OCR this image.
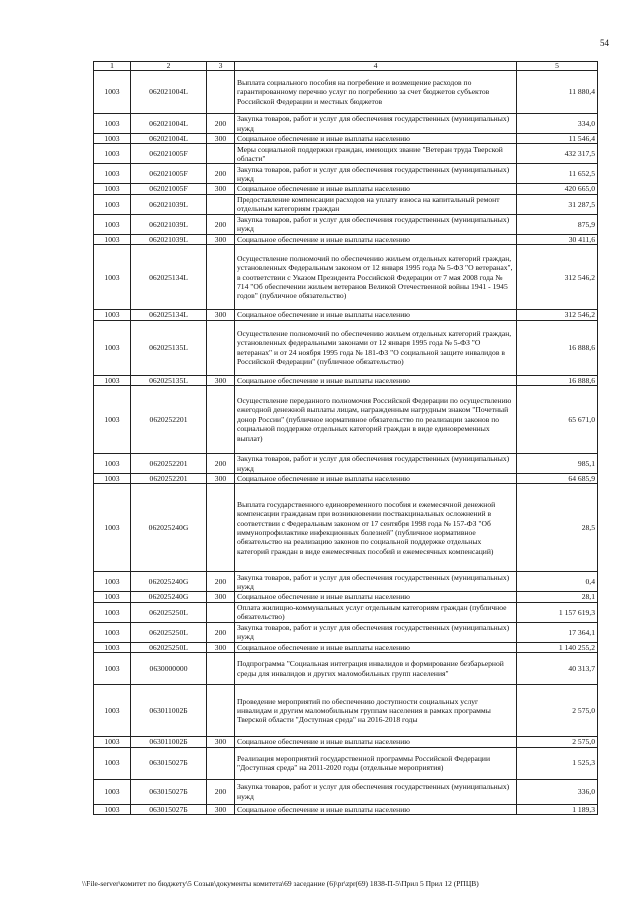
54
1	2	3	4	5
1003	062021004L		Выплата социального пособия на погребение и возмещение расходов по гарантированному перечню услуг по погребению за счет бюджетов субъектов Российской Федерации и местных бюджетов	11 880,4
1003	062021004L	200	Закупка товаров, работ и услуг для обеспечения государственных (муниципальных) нужд	334,0
1003	062021004L	300	Социальное обеспечение и иные выплаты населению	11 546,4
1003	062021005F		Меры социальной поддержки граждан, имеющих звание "Ветеран труда Тверской области"	432 317,5
1003	062021005F	200	Закупка товаров, работ и услуг для обеспечения государственных (муниципальных) нужд	11 652,5
1003	062021005F	300	Социальное обеспечение и иные выплаты населению	420 665,0
1003	062021039L		Предоставление компенсации расходов на уплату взноса на капитальный ремонт отдельным категориям граждан	31 287,5
1003	062021039L	200	Закупка товаров, работ и услуг для обеспечения государственных (муниципальных) нужд	875,9
1003	062021039L	300	Социальное обеспечение и иные выплаты населению	30 411,6
1003	062025134L		Осуществление полномочий по обеспечению жильем отдельных категорий граждан, установленных Федеральным законом от 12 января 1995 года № 5-ФЗ "О ветеранах", в соответствии с Указом Президента Российской Федерации от 7 мая 2008 года № 714 "Об обеспечении жильем ветеранов Великой Отечественной войны 1941 - 1945 годов" (публичное обязательство)	312 546,2
1003	062025134L	300	Социальное обеспечение и иные выплаты населению	312 546,2
1003	062025135L		Осуществление полномочий по обеспечению жильем отдельных категорий граждан, установленных федеральными законами от 12 января 1995 года № 5-ФЗ "О ветеранах" и от 24 ноября 1995 года № 181-ФЗ "О социальной защите инвалидов в Российской Федерации" (публичное обязательство)	16 888,6
1003	062025135L	300	Социальное обеспечение и иные выплаты населению	16 888,6
1003	0620252201		Осуществление переданного полномочия Российской Федерации по осуществлению ежегодной денежной выплаты лицам, награжденным нагрудным знаком "Почетный донор России" (публичное нормативное обязательство по реализации законов по социальной поддержке отдельных категорий граждан в виде единовременных выплат)	65 671,0
1003	0620252201	200	Закупка товаров, работ и услуг для обеспечения государственных (муниципальных) нужд	985,1
1003	0620252201	300	Социальное обеспечение и иные выплаты населению	64 685,9
1003	062025240G		Выплата государственного единовременного пособия и ежемесячной денежной компенсации гражданам при возникновении поствакцинальных осложнений в соответствии с Федеральным законом от 17 сентября 1998 года № 157-ФЗ "Об иммунопрофилактике инфекционных болезней" (публичное нормативное обязательство на реализацию законов по социальной поддержке отдельных категорий граждан в виде ежемесячных пособий и ежемесячных компенсаций)	28,5
1003	062025240G	200	Закупка товаров, работ и услуг для обеспечения государственных (муниципальных) нужд	0,4
1003	062025240G	300	Социальное обеспечение и иные выплаты населению	28,1
1003	062025250L		Оплата жилищно-коммунальных услуг отдельным категориям граждан (публичное обязательство)	1 157 619,3
1003	062025250L	200	Закупка товаров, работ и услуг для обеспечения государственных (муниципальных) нужд	17 364,1
1003	062025250L	300	Социальное обеспечение и иные выплаты населению	1 140 255,2
1003	0630000000		Подпрограмма "Социальная интеграция инвалидов и формирование безбарьерной среды для инвалидов и других маломобильных групп населения"	40 313,7
1003	063011002Б		Проведение мероприятий по обеспечению доступности социальных услуг инвалидам и другим маломобильным группам населения в рамках программы Тверской области "Доступная среда" на 2016-2018 годы	2 575,0
1003	063011002Б	300	Социальное обеспечение и иные выплаты населению	2 575,0
1003	063015027Б		Реализация мероприятий государственной программы Российской Федерации "Доступная среда" на 2011-2020 годы (отдельные мероприятия)	1 525,3
1003	063015027Б	200	Закупка товаров, работ и услуг для обеспечения государственных (муниципальных) нужд	336,0
1003	063015027Б	300	Социальное обеспечение и иные выплаты населению	1 189,3
\\File-server\комитет по бюджету\5 Созыв\документы комитета\69 заседание (6)\pr\zpr(69) 1838-П-5\Прил 5 Прил 12 (РПЦВ)
